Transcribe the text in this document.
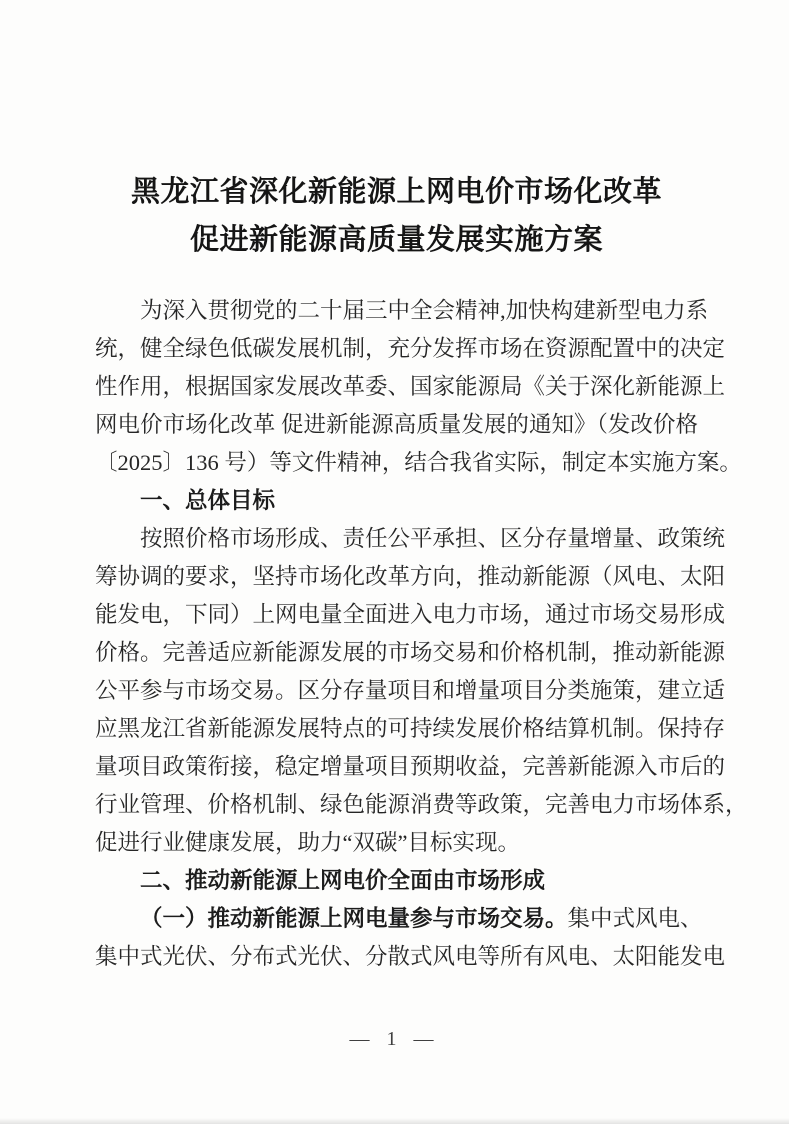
黑龙江省深化新能源上网电价市场化改革
促进新能源高质量发展实施方案
为深入贯彻党的二十届三中全会精神,加快构建新型电力系
统，健全绿色低碳发展机制，充分发挥市场在资源配置中的决定
性作用，根据国家发展改革委、国家能源局《关于深化新能源上
网电价市场化改革 促进新能源高质量发展的通知》（发改价格
〔2025〕136 号）等文件精神，结合我省实际，制定本实施方案。
一、总体目标
按照价格市场形成、责任公平承担、区分存量增量、政策统
筹协调的要求，坚持市场化改革方向，推动新能源（风电、太阳
能发电，下同）上网电量全面进入电力市场，通过市场交易形成
价格。完善适应新能源发展的市场交易和价格机制，推动新能源
公平参与市场交易。区分存量项目和增量项目分类施策，建立适
应黑龙江省新能源发展特点的可持续发展价格结算机制。保持存
量项目政策衔接，稳定增量项目预期收益，完善新能源入市后的
行业管理、价格机制、绿色能源消费等政策，完善电力市场体系，
促进行业健康发展，助力“双碳”目标实现。
二、推动新能源上网电价全面由市场形成
（一）推动新能源上网电量参与市场交易。集中式风电、
集中式光伏、分布式光伏、分散式风电等所有风电、太阳能发电
— 1 —
